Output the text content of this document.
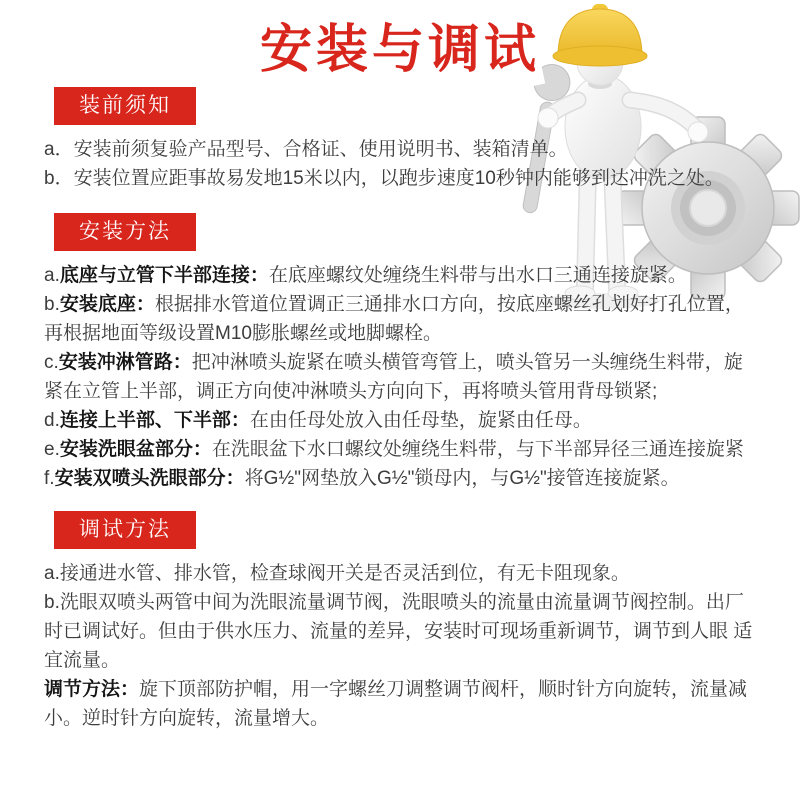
安装与调试
装前须知
a．安装前须复验产品型号、合格证、使用说明书、装箱清单。
b．安装位置应距事故易发地15米以内，以跑步速度10秒钟内能够到达冲洗之处。
安装方法
a.底座与立管下半部连接：在底座螺纹处缠绕生料带与出水口三通连接旋紧。
b.安装底座：根据排水管道位置调正三通排水口方向，按底座螺丝孔划好打孔位置，再根据地面等级设置M10膨胀螺丝或地脚螺栓。
c.安装冲淋管路：把冲淋喷头旋紧在喷头横管弯管上，喷头管另一头缠绕生料带，旋紧在立管上半部，调正方向使冲淋喷头方向向下，再将喷头管用背母锁紧;
d.连接上半部、下半部：在由任母处放入由任母垫，旋紧由任母。
e.安装洗眼盆部分：在洗眼盆下水口螺纹处缠绕生料带，与下半部异径三通连接旋紧
f.安装双喷头洗眼部分：将G½"网垫放入G½"锁母内，与G½"接管连接旋紧。
调试方法
a.接通进水管、排水管，检查球阀开关是否灵活到位，有无卡阻现象。
b.洗眼双喷头两管中间为洗眼流量调节阀，洗眼喷头的流量由流量调节阀控制。出厂时已调试好。但由于供水压力、流量的差异，安装时可现场重新调节，调节到人眼 适宜流量。
调节方法：旋下顶部防护帽，用一字螺丝刀调整调节阀杆，顺时针方向旋转，流量减小。逆时针方向旋转，流量增大。
